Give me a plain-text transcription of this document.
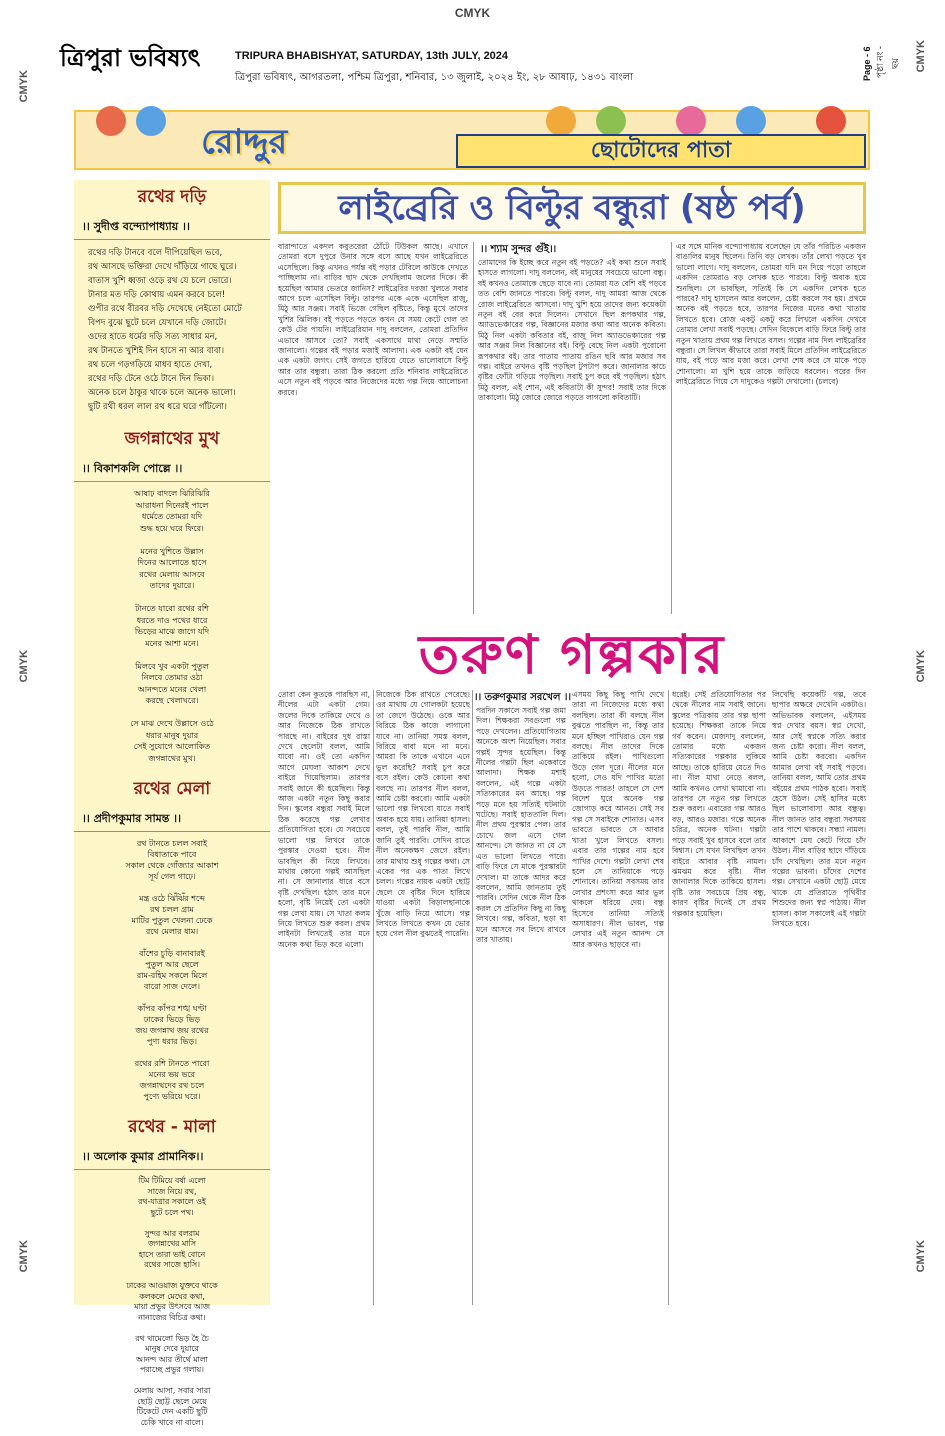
CMYK
CMYK
CMYK
CMYK
CMYK
CMYK
CMYK
ত্রিপুরা ভবিষ্যৎ	TRIPURA BHABISHYAT, SATURDAY, 13th JULY, 2024
ত্রিপুরা ভবিষ্যৎ, আগরতলা, পশ্চিম ত্রিপুরা, শনিবার, ১৩ জুলাই, ২০২৪ ইং, ২৮ আষাঢ়, ১৪৩১ বাংলা	Page - 6 পৃষ্ঠা নং - ছয়
রোদ্দুর	ছোটোদের পাতা
রথের দড়ি
।। সুদীপ্ত বন্দ্যোপাধ্যায় ।।
রথের দড়ি টানবে বলে দীপিয়েছিল ভবে,
রথ আসছে ভক্তিরা দেখে দাঁড়িয়ে গাছে ঘুরে।
বাতাস খুশি ধ্বজা ওড়ে রথ যে চলে ভোরে।
টানার মত দড়ি কোথায় এমন করবে চলে!
গুপীর রথে বীরবর দড়ি দেখেছে নেইতো মোটে
বিপদ বুঝে ছুটে চলে যেখানে দড়ি জোটে।
ওদের হাতে ধর্মের দড়ি সত্য সাধার মন,
রথ টানতে খুশিই দিন হাসে না আর বাবা।
রথ চলে গড়গড়িয়ে মাধব হাতে দেখা,
রথের দড়ি টেনে ওঠে টানে দিন ভিকা।
অনেক চলে ঠাকুর থাকে চলে অনেক ভালো।
ছুটি রথী ধরল লাল রথ ধরে ঘরে গাঁটলো।
জগন্নাথের মুখ
।। বিকাশকলি পোল্লে ।।
আষাঢ় বাদলে ঝিরিঝিরি
আরাধনা দিনেরই পালে
ধর্মেতে তোমরা যদি
শুদ্ধ হয়ে ঘরে ফিরে।

মনের খুশিতে উল্লাস
দিনের আলোতে হাসে
রথের মেলায় আসবে
তাদের দুয়ারে।

টানতে যাবো রথের রশি
ধরতে দাও পথের ধারে
ভিড়ের মাঝে জাগে যদি
মনের আশা মনে।

মিলবে খুব একটা পুতুল
নিলবে তোমার ওঠা
আনন্দতে মনের খেলা
করছে খেলাঘরে।

সে মাঝ দেখে উল্লাসে ওঠে
ধরার মানুষ দুয়ার
সেই সুযোগে আলোকিত
জগন্নাথের মুখ।
রথের মেলা
।। প্রদীপকুমার সামন্ত ।।
রথ টানতে চলল সবাই
বিধাতাকে পাবে
সকাল থেকে গোঁজ্যার আকাশ
সূর্য গেল গাঢ়ে।

মন্ত্র ওঠে ঝিঁঝিঁর শব্দে
রথ চলল গ্রাম
মাটির পুতুল খেলনা ঢেকে
রথে মেলার ধাম।

বাঁশের চুড়ি বানাবারই
পুতুল আর ছেলে
রাম-রহিম সকলে মিলে
বারো সাজ দেলে।

কাঁপর কাঁপর শঙ্খ ঘণ্টা
ঢাকের ভিড়ে ভিড়
জয় জগন্নাথ জয় রথের
পুণ্য ধরার ভিড়।

রথের রশি টানতে পারো
মনের ভয় ভরে
জগন্নাথদেব রথ চলে
পুণ্যে ভরিয়ে ঘরে।
রথের - মালা
।। অলোক কুমার প্রামানিক।।
টিম টিমিয়ে বর্ষা এলো
সাজে নিয়ে রথ,
রথ-যাত্রার সকালে ওই
ছুটে চলে পথ।

সুন্দর আর বলরাম
জগন্নাথের মাসি
হাসে তারা ভাই বোনে
রথের সাজে হাসি।

ঢাকের আওয়াজ যুক্তবে থাকে
কলকলে মেঘের কথা,
মায়া প্রভুর উৎসবে আজ
নানাজের বিচিত্র কথা।

রথ থামেলো ভিড় হৈ চৈ
মানুষ দেবে দুয়ারে
আনন্দ আর তীর্থে মালা
পরাচ্ছে প্রভুর গলায়।

মেলায় আসা, সবার সারা
ছোট্ট ছোট্ট ছেলে মেয়ে
টিকেটে দেন একটি ছুটি
চেকি খাবে না বালে।
লাইব্রেরি ও বিল্টুর বন্ধুরা (ষষ্ঠ পর্ব)
।। শ্যাম সুন্দর গুঁই।।
বারান্দাতে একদল কবুতরেরা ঠোঁটে টিউকল আছে। এখানে তোমরা বসে দুপুরে উনার সঙ্গে বসে আছে যখন লাইব্রেরিতে এসেছিলে। কিন্তু এখনও পর্যন্ত বই পড়ার টেবিলে কাউকে দেখতে পাচ্ছিলাম না। বাড়ির ছাদ থেকে দেখছিলাম জলের দিকে। কী হয়েছিল আমার ভেতরে জানিস? লাইব্রেরির দরজা খুলতে সবার আগে চলে এসেছিল বিল্টু। তারপর একে একে এসেছিল রাজু, মিঠু আর সঞ্জয়। সবাই ভিজে গেছিল বৃষ্টিতে, কিন্তু মুখে তাদের খুশির ঝিলিক। বই পড়তে পড়তে কখন যে সময় কেটে গেল তা কেউ টের পায়নি। লাইব্রেরিয়ান দাদু বললেন, তোমরা প্রতিদিন এভাবে আসবে তো? সবাই একসাথে মাথা নেড়ে সম্মতি জানালো। গল্পের বই পড়ার মজাই আলাদা। এক একটা বই যেন এক একটা জগৎ। সেই জগতে হারিয়ে যেতে ভালোবাসে বিল্টু আর তার বন্ধুরা। তারা ঠিক করলো প্রতি শনিবার লাইব্রেরিতে এসে নতুন বই পড়বে আর নিজেদের মধ্যে গল্প নিয়ে আলোচনা করবে।
তোমাদের কি ইচ্ছে করে নতুন বই পড়তে? এই কথা শুনে সবাই হাসতে লাগলো। দাদু বললেন, বই মানুষের সবচেয়ে ভালো বন্ধু। বই কখনও তোমাকে ছেড়ে যাবে না। তোমরা যত বেশি বই পড়বে তত বেশি জানতে পারবে। বিল্টু বলল, দাদু আমরা আজ থেকে রোজ লাইব্রেরিতে আসবো। দাদু খুশি হয়ে তাদের জন্য কয়েকটা নতুন বই বের করে দিলেন। সেখানে ছিল রূপকথার গল্প, অ্যাডভেঞ্চারের গল্প, বিজ্ঞানের মজার কথা আর অনেক কবিতা। মিঠু নিল একটা কবিতার বই, রাজু নিল অ্যাডভেঞ্চারের গল্প আর সঞ্জয় নিল বিজ্ঞানের বই। বিল্টু বেছে নিল একটা পুরোনো রূপকথার বই। তার পাতায় পাতায় রঙিন ছবি আর মজার সব গল্প। বাইরে তখনও বৃষ্টি পড়ছিল টুপটাপ করে। জানালার কাচে বৃষ্টির ফোঁটা গড়িয়ে পড়ছিল। সবাই চুপ করে বই পড়ছিল। হঠাৎ মিঠু বলল, এই শোন, এই কবিতাটা কী সুন্দর! সবাই তার দিকে তাকালো। মিঠু জোরে জোরে পড়তে লাগলো কবিতাটি।
এর সঙ্গে মানিক বন্দ্যোপাধ্যায় বলেছেন যে তাঁর পরিচিত একজন বাঙালির মানুষ ছিলেন। তিনি বড় লেখক। তাঁর লেখা পড়তে খুব ভালো লাগে। দাদু বললেন, তোমরা যদি মন দিয়ে পড়ো তাহলে একদিন তোমরাও বড় লেখক হতে পারবে। বিল্টু অবাক হয়ে শুনছিল। সে ভাবছিল, সত্যিই কি সে একদিন লেখক হতে পারবে? দাদু হাসলেন আর বললেন, চেষ্টা করলে সব হয়। প্রথমে অনেক বই পড়তে হবে, তারপর নিজের মনের কথা খাতায় লিখতে হবে। রোজ একটু একটু করে লিখলে একদিন দেখবে তোমার লেখা সবাই পড়ছে। সেদিন বিকেলে বাড়ি ফিরে বিল্টু তার নতুন খাতায় প্রথম গল্প লিখতে বসল। গল্পের নাম দিল লাইব্রেরির বন্ধুরা। সে লিখল কীভাবে তারা সবাই মিলে প্রতিদিন লাইব্রেরিতে যায়, বই পড়ে আর মজা করে। লেখা শেষ করে সে মাকে পড়ে শোনালো। মা খুশি হয়ে তাকে জড়িয়ে ধরলেন। পরের দিন লাইব্রেরিতে গিয়ে সে দাদুকেও গল্পটা দেখালো। (চলবে)
তরুণ গল্পকার
।। তরুণকুমার সরখেল ।।
তোরা কেন কুতকে পারছিস না, নীলের এটা একটা গেম। জলের দিকে তাকিয়ে দেখে ও আর নিজেকে ঠিক রাখতে পারছে না। বাইরের দুধ রাস্তা দেখে ছেলেটা বলল, আমি যাবো না। ওই তো একদিন আগে মেঘলা আকাশ দেখে বাইরে গিয়েছিলাম। তারপর সবাই জানে কী হয়েছিল। কিন্তু আজ একটা নতুন কিছু করার দিন। স্কুলের বন্ধুরা সবাই মিলে ঠিক করেছে গল্প লেখার প্রতিযোগিতা হবে। যে সবচেয়ে ভালো গল্প লিখবে তাকে পুরস্কার দেওয়া হবে। নীল ভাবছিল কী নিয়ে লিখবে। মাথায় কোনো গল্পই আসছিল না। সে জানালার ধারে বসে বৃষ্টি দেখছিল। হঠাৎ তার মনে হলো, বৃষ্টি নিয়েই তো একটা গল্প লেখা যায়। সে খাতা কলম নিয়ে লিখতে শুরু করল। প্রথম লাইনটা লিখতেই তার মনে অনেক কথা ভিড় করে এলো।
নিজেকে ঠিক রাখতে পেরেছে। ওর মাথায় যে গোলকটা হয়েছে তা জেগে উঠেছে। ওকে আর বিরিয়ে ঠিক কাজে লাগানো যাবে না। তানিয়া সমস্ত বলল, বিরিয়ে বাবা মনে না মনে। আমরা কি তাকে এখানে এনে ভুল করেছি? সবাই চুপ করে বসে রইল। কেউ কোনো কথা বলছে না। তারপর নীল বলল, আমি চেষ্টা করবো। আমি একটা ভালো গল্প লিখবো যাতে সবাই অবাক হয়ে যায়। তানিয়া হাসল। বলল, তুই পারবি নীল, আমি জানি তুই পারবি। সেদিন রাতে নীল অনেকক্ষণ জেগে রইল। তার মাথায় শুধু গল্পের কথা। সে একের পর এক পাতা লিখে চলল। গল্পের নায়ক একটা ছোট্ট ছেলে যে বৃষ্টির দিনে হারিয়ে যাওয়া একটা বিড়ালছানাকে খুঁজে বাড়ি নিয়ে আসে। গল্প লিখতে লিখতে কখন যে ভোর হয়ে গেল নীল বুঝতেই পারেনি।
পরদিন সকালে সবাই গল্প জমা দিল। শিক্ষকরা সবগুলো গল্প পড়ে দেখলেন। প্রতিযোগিতায় অনেকে অংশ নিয়েছিল। সবার গল্পই সুন্দর হয়েছিল। কিন্তু নীলের গল্পটা ছিল একেবারে আলাদা। শিক্ষক মশাই বললেন, এই গল্পে একটা সত্যিকারের মন আছে। গল্প পড়ে মনে হয় সত্যিই ঘটনাটা ঘটেছে। সবাই হাততালি দিল। নীল প্রথম পুরস্কার পেল। তার চোখে জল এসে গেল আনন্দে। সে জানত না যে সে এত ভালো লিখতে পারে। বাড়ি ফিরে সে মাকে পুরস্কারটা দেখাল। মা তাকে আদর করে বললেন, আমি জানতাম তুই পারবি। সেদিন থেকে নীল ঠিক করল সে প্রতিদিন কিছু না কিছু লিখবে। গল্প, কবিতা, ছড়া যা মনে আসবে সব লিখে রাখবে তার খাতায়।
এসময় কিছু কিছু পাখি দেখে তারা না নিজেদের মধ্যে কথা বলছিল। তারা কী বলছে নীল বুঝতে পারছিল না, কিন্তু তার মনে হচ্ছিল পাখিরাও যেন গল্প বলছে। নীল তাদের দিকে তাকিয়ে রইল। পাখিগুলো উড়ে গেল দূরে। নীলের মনে হলো, সেও যদি পাখির মতো উড়তে পারত! তাহলে সে দেশ বিদেশ ঘুরে অনেক গল্প জোগাড় করে আনত। সেই সব গল্প সে সবাইকে শোনাত। এসব ভাবতে ভাবতে সে আবার খাতা খুলে লিখতে বসল। এবার তার গল্পের নাম হবে পাখির দেশে। গল্পটা লেখা শেষ হলে সে তানিয়াকে পড়ে শোনাবে। তানিয়া সবসময় তার লেখার প্রশংসা করে আর ভুল থাকলে ধরিয়ে দেয়। বন্ধু হিসেবে তানিয়া সত্যিই অসাধারণ। নীল ভাবল, গল্প লেখার এই নতুন আনন্দ সে আর কখনও ছাড়বে না।
ধরেই। সেই প্রতিযোগিতার পর থেকে নীলের নাম সবাই জানে। স্কুলের পত্রিকায় তার গল্প ছাপা হয়েছে। শিক্ষকরা তাকে নিয়ে গর্ব করেন। মেজদাদু বললেন, তোমার মধ্যে একজন সত্যিকারের গল্পকার লুকিয়ে আছে। তাকে হারিয়ে যেতে দিও না। নীল মাথা নেড়ে বলল, আমি কখনও লেখা থামাবো না। তারপর সে নতুন গল্প লিখতে শুরু করল। এবারের গল্প আরও বড়, আরও মজার। গল্পে অনেক চরিত্র, অনেক ঘটনা। গল্পটা পড়ে সবাই খুব হাসবে বলে তার বিশ্বাস। সে যখন লিখছিল তখন বাইরে আবার বৃষ্টি নামল। ঝমঝম করে বৃষ্টি। নীল জানালার দিকে তাকিয়ে হাসল। বৃষ্টি তার সবচেয়ে প্রিয় বন্ধু, কারণ বৃষ্টির দিনেই সে প্রথম গল্পকার হয়েছিল।
লিখেছি কয়েকটি গল্প, তবে ছাপার অক্ষরে দেখেনি একটাও। অভিভাবক বললেন, এইসময় স্বপ্ন দেখার বয়স। স্বপ্ন দেখো, আর সেই স্বপ্নকে সত্যি করার জন্য চেষ্টা করো। নীল বলল, আমি চেষ্টা করবো। একদিন আমার লেখা বই সবাই পড়বে। তানিয়া বলল, আমি তোর প্রথম বইয়ের প্রথম পাঠক হবো। সবাই হেসে উঠল। সেই হাসির মধ্যে ছিল ভালোবাসা আর বন্ধুত্ব। নীল জানত তার বন্ধুরা সবসময় তার পাশে থাকবে। সন্ধ্যা নামল। আকাশে মেঘ কেটে গিয়ে চাঁদ উঠল। নীল বাড়ির ছাদে দাঁড়িয়ে চাঁদ দেখছিল। তার মনে নতুন গল্পের ভাবনা। চাঁদের দেশের গল্প। সেখানে একটা ছোট্ট মেয়ে থাকে যে প্রতিরাতে পৃথিবীর শিশুদের জন্য স্বপ্ন পাঠায়। নীল হাসল। কাল সকালেই এই গল্পটা লিখতে হবে।
